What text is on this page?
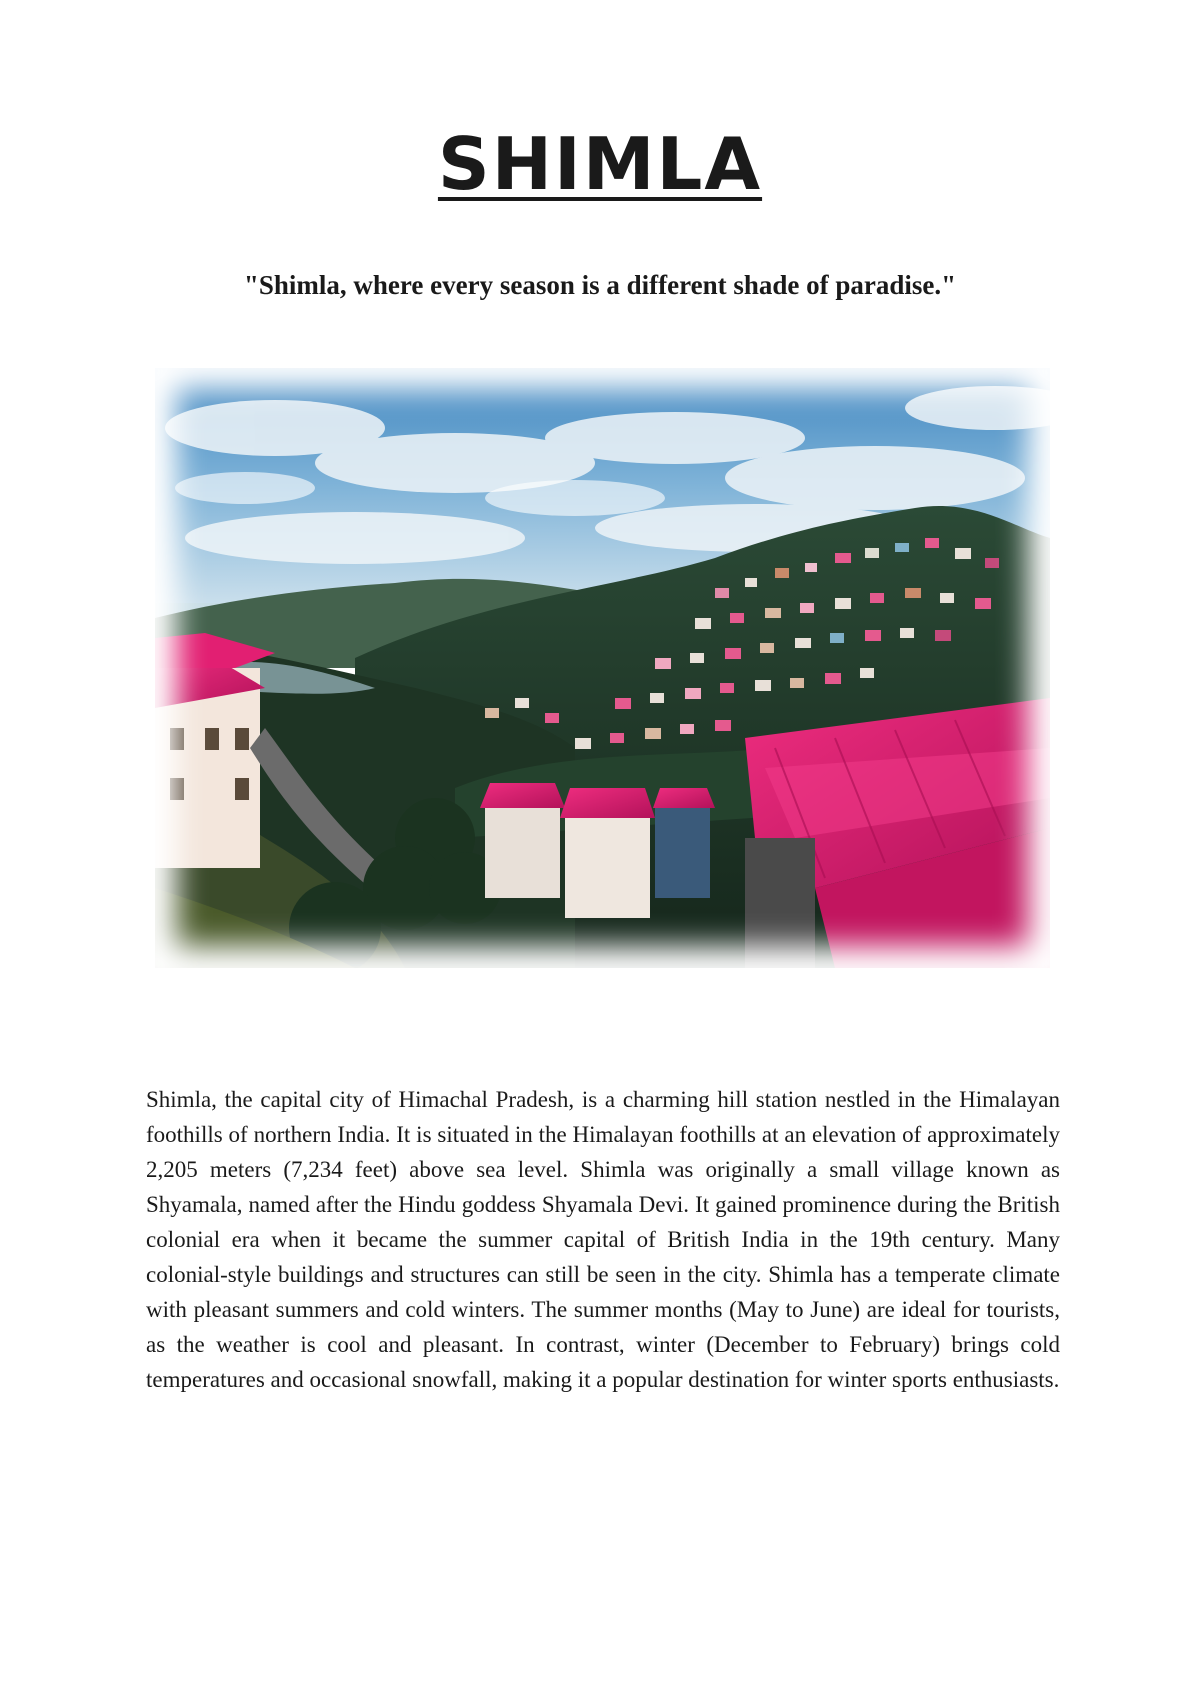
SHIMLA

"Shimla, where every season is a different shade of paradise."

Shimla, the capital city of Himachal Pradesh, is a charming hill station nestled in the Himalayan foothills of northern India. It is situated in the Himalayan foothills at an elevation of approximately 2,205 meters (7,234 feet) above sea level. Shimla was originally a small village known as Shyamala, named after the Hindu goddess Shyamala Devi. It gained prominence during the British colonial era when it became the summer capital of British India in the 19th century. Many colonial-style buildings and structures can still be seen in the city. Shimla has a temperate climate with pleasant summers and cold winters. The summer months (May to June) are ideal for tourists, as the weather is cool and pleasant. In contrast, winter (December to February) brings cold temperatures and occasional snowfall, making it a popular destination for winter sports enthusiasts.
